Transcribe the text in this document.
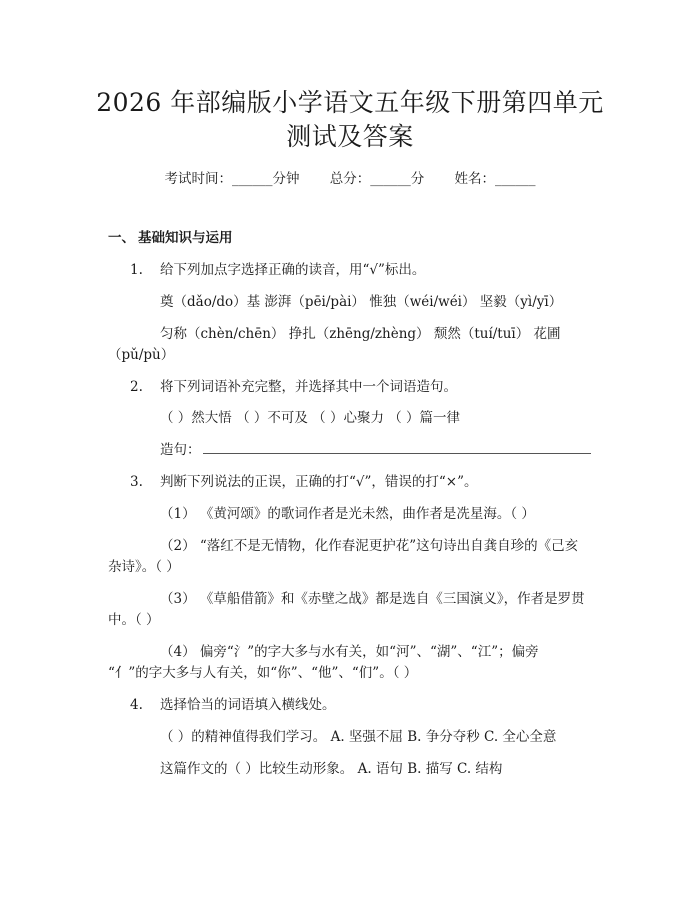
2026 年部编版小学语文五年级下册第四单元
测试及答案
考试时间：______分钟 总分：______分 姓名：______
一、 基础知识与运用
1. 给下列加点字选择正确的读音，用“√”标出。
奠（dǎo/do）基 澎湃（pēi/pài） 惟独（wéi/wéi） 坚毅（yì/yī）
匀称（chèn/chēn） 挣扎（zhēng/zhèng） 颓然（tuí/tuī） 花圃
（pǔ/pù）
2. 将下列词语补充完整，并选择其中一个词语造句。
（ ）然大悟 （ ）不可及 （ ）心聚力 （ ）篇一律
造句：
3. 判断下列说法的正误，正确的打“√”，错误的打“×”。
（1） 《黄河颂》的歌词作者是光未然，曲作者是冼星海。（ ）
（2） “落红不是无情物，化作春泥更护花”这句诗出自龚自珍的《己亥
杂诗》。（ ）
（3） 《草船借箭》和《赤壁之战》都是选自《三国演义》，作者是罗贯
中。（ ）
（4） 偏旁“氵”的字大多与水有关，如“河”、“湖”、“江”；偏旁
“亻”的字大多与人有关，如“你”、“他”、“们”。（ ）
4. 选择恰当的词语填入横线处。
（ ）的精神值得我们学习。 A. 坚强不屈 B. 争分夺秒 C. 全心全意
这篇作文的（ ）比较生动形象。 A. 语句 B. 描写 C. 结构
